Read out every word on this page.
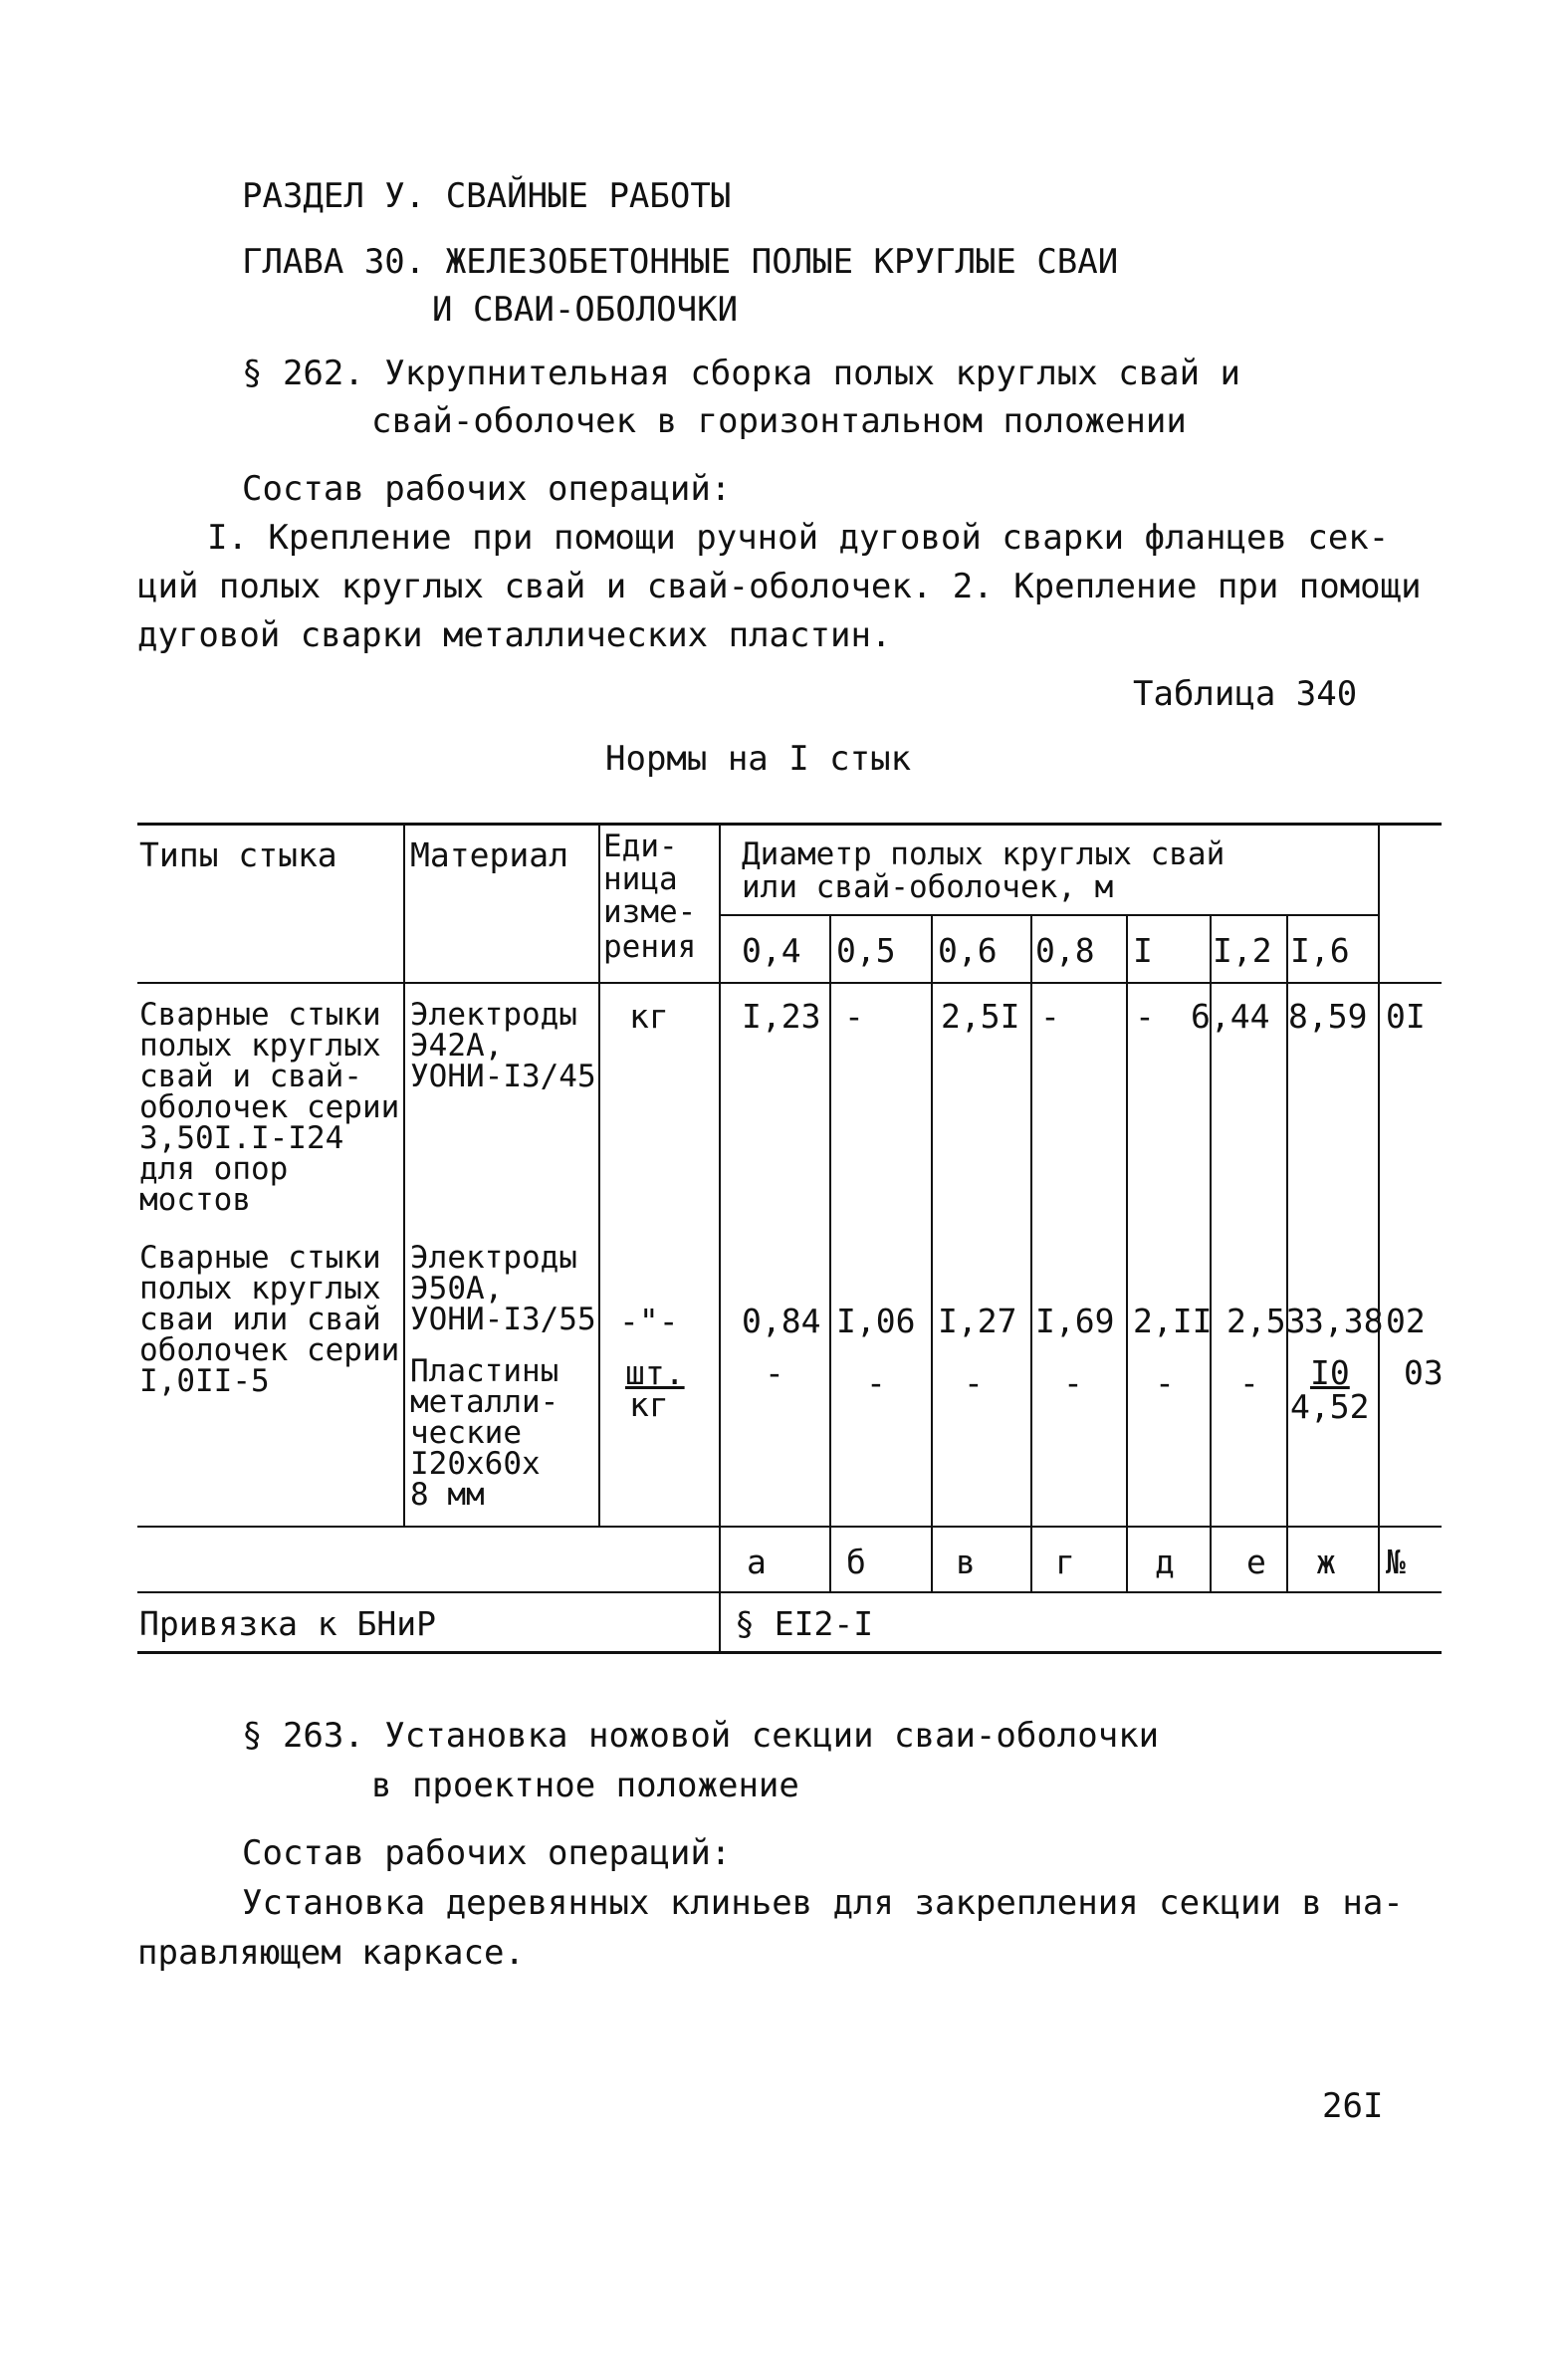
РАЗДЕЛ У. СВАЙНЫЕ РАБОТЫ
ГЛАВА 30. ЖЕЛЕЗОБЕТОННЫЕ ПОЛЫЕ КРУГЛЫЕ СВАИ
И СВАИ-ОБОЛОЧКИ
§ 262. Укрупнительная сборка полых круглых свай и
свай-оболочек в горизонтальном положении
Состав рабочих операций:
I. Крепление при помощи ручной дуговой сварки фланцев сек-
ций полых круглых свай и свай-оболочек. 2. Крепление при помощи
дуговой сварки металлических пластин.
Таблица 340
Нормы на I стык
Типы стыка Материал Еди-
ница
изме-
рения
Диаметр полых круглых свай
или свай-оболочек, м
0,4 0,5 0,6 0,8 I I,2 I,6
Сварные стыки
полых круглых
свай и свай-
оболочек серии
3,50I.I-I24
для опор
мостов
Электроды
Э42А,
УОНИ-I3/45
кг I,23 - 2,5I - - 6,44 8,59 0I
Сварные стыки
полых круглых
сваи или свай
оболочек серии
I,0II-5
Электроды
Э50А,
УОНИ-I3/55 -"- 0,84 I,06 I,27 I,69 2,II 2,53
3,38 02
Пластины
металли-
ческие
I20x60x
8 мм
шт.
кг
- - - - - - I0
4,52
03
а б	в г д е ж №
Привязка к БНиР	§ EI2-I
§ 263. Установка ножовой секции сваи-оболочки
в проектное положение
Состав рабочих операций:
Установка деревянных клиньев для закрепления секции в на-
правляющем каркасе.
26I
